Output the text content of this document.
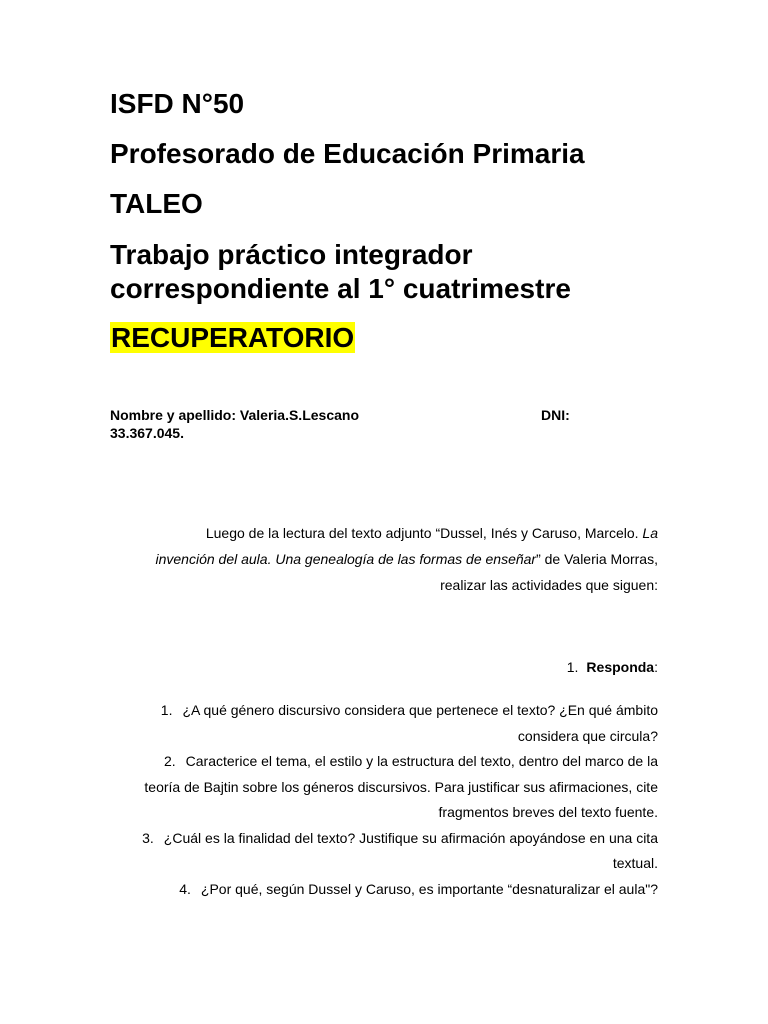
ISFD N°50
Profesorado de Educación Primaria
TALEO
Trabajo práctico integrador
correspondiente al 1° cuatrimestre
RECUPERATORIO
Nombre y apellido: Valeria.S.Lescano	DNI:
33.367.045.

Luego de la lectura del texto adjunto “Dussel, Inés y Caruso, Marcelo. La invención del aula. Una genealogía de las formas de enseñar” de Valeria Morras, realizar las actividades que siguen:

1. Responda:

1. ¿A qué género discursivo considera que pertenece el texto? ¿En qué ámbito considera que circula?

2. Caracterice el tema, el estilo y la estructura del texto, dentro del marco de la teoría de Bajtin sobre los géneros discursivos. Para justificar sus afirmaciones, cite fragmentos breves del texto fuente.

3. ¿Cuál es la finalidad del texto? Justifique su afirmación apoyándose en una cita textual.

4. ¿Por qué, según Dussel y Caruso, es importante “desnaturalizar el aula"?
